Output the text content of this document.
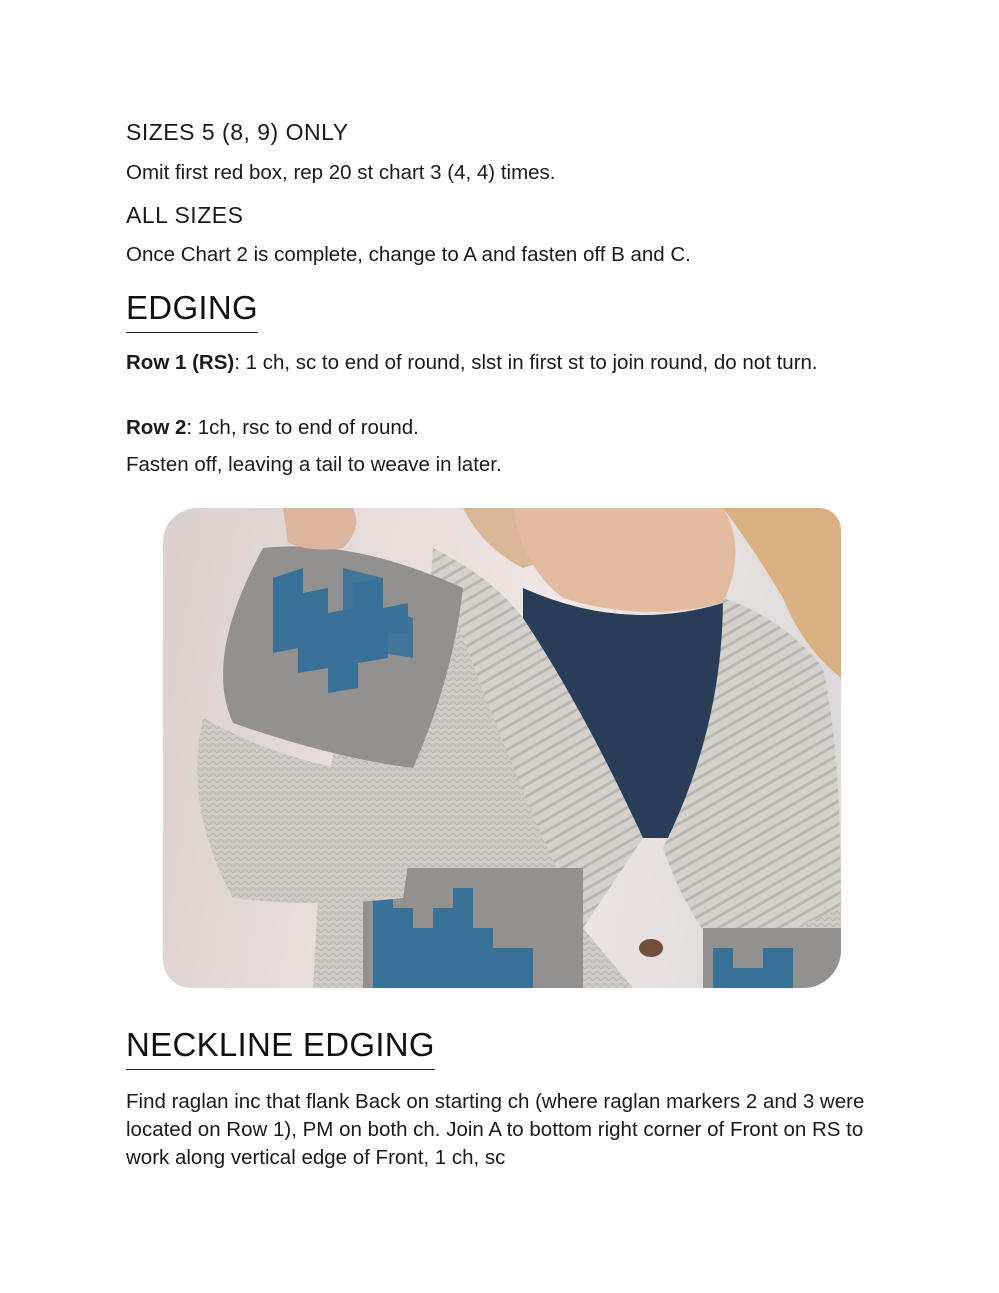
SIZES 5 (8, 9) ONLY
Omit first red box, rep 20 st chart 3 (4, 4) times.
ALL SIZES
Once Chart 2 is complete, change to A and fasten off B and C.
EDGING
Row 1 (RS): 1 ch, sc to end of round, slst in first st to join round, do not turn.
Row 2: 1ch, rsc to end of round.
Fasten off, leaving a tail to weave in later.
NECKLINE EDGING
Find raglan inc that flank Back on starting ch (where raglan markers 2 and 3 were located on Row 1), PM on both ch. Join A to bottom right corner of Front on RS to work along vertical edge of Front, 1 ch, sc
